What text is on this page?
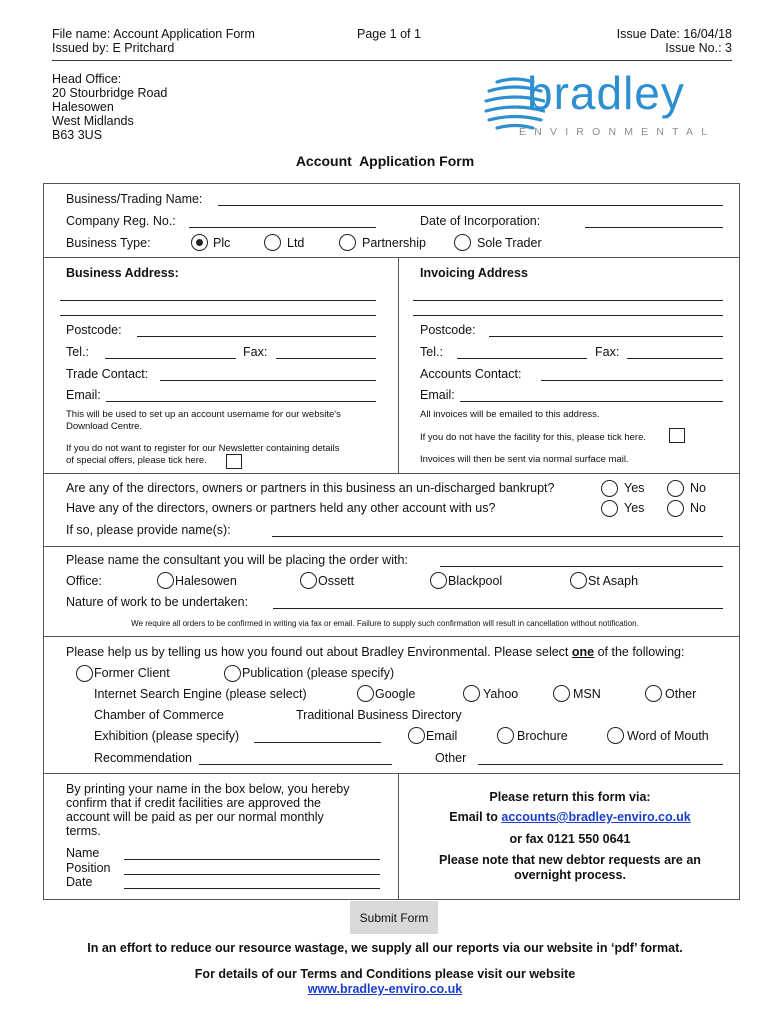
File name: Account Application Form
Issued by: E Pritchard
Page 1 of 1	Issue Date: 16/04/18
Issue No.: 3
Head Office:
20 Stourbridge Road
Halesowen
West Midlands
B63 3US
bradley
ENVIRONMENTAL
Account  Application Form
Business/Trading Name:
Company Reg. No.:	Date of Incorporation:
Business Type:	Plc	Ltd	Partnership	Sole Trader
Business Address:
Postcode:
Tel.:	Fax:
Trade Contact:
Email:
This will be used to set up an account username for our website's
Download Centre.
If you do not want to register for our Newsletter containing details
of special offers, please tick here.
Invoicing Address
Postcode:
Tel.:	Fax:
Accounts Contact:
Email:
All invoices will be emailed to this address.
If you do not have the facility for this, please tick here.
Invoices will then be sent via normal surface mail.
Are any of the directors, owners or partners in this business an un-discharged bankrupt?	Yes	No
Have any of the directors, owners or partners held any other account with us?	Yes	No
If so, please provide name(s):
Please name the consultant you will be placing the order with:
Office:	Halesowen	Ossett	Blackpool	St Asaph
Nature of work to be undertaken:
We require all orders to be confirmed in writing via fax or email. Failure to supply such confirmation will result in cancellation without notification.
Please help us by telling us how you found out about Bradley Environmental. Please select one of the following:
Former Client	Publication (please specify)
Internet Search Engine (please select)	Google	Yahoo	MSN	Other
Chamber of Commerce	Traditional Business Directory
Exhibition (please specify)	Email	Brochure	Word of Mouth
Recommendation	Other
By printing your name in the box below, you hereby
confirm that if credit facilities are approved the
account will be paid as per our normal monthly
terms.
Name
Position
Date
Please return this form via:
Email to accounts@bradley-enviro.co.uk
or fax 0121 550 0641
Please note that new debtor requests are an
overnight process.
Submit Form
In an effort to reduce our resource wastage, we supply all our reports via our website in ‘pdf’ format.
For details of our Terms and Conditions please visit our website
www.bradley-enviro.co.uk
